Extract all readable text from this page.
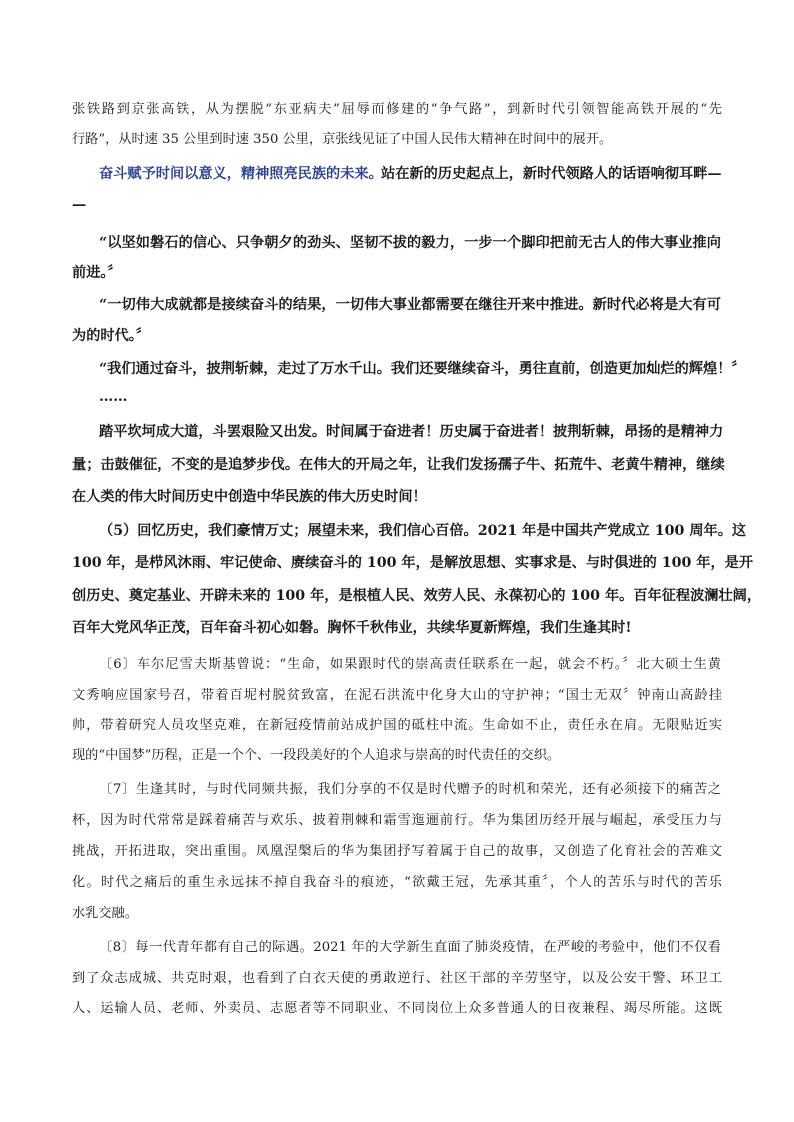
张铁路到京张高铁，从为摆脱“东亚病夫”屈辱而修建的“争气路”，到新时代引领智能高铁开展的“先
行路”，从时速 35 公里到时速 350 公里，京张线见证了中国人民伟大精神在时间中的展开。
奋斗赋予时间以意义，精神照亮民族的未来。
站在新的历史起点上，新时代领路人的话语响彻耳畔—
—
“以坚如磐石的信心、只争朝夕的劲头、坚韧不拔的毅力，一步一个脚印把前无古人的伟大事业推向
前进。〞
“一切伟大成就都是接续奋斗的结果，一切伟大事业都需要在继往开来中推进。新时代必将是大有可
为的时代。〞
“我们通过奋斗，披荆斩棘，走过了万水千山。我们还要继续奋斗，勇往直前，创造更加灿烂的辉煌！〞
……
踏平坎坷成大道，斗罢艰险又出发。时间属于奋进者！历史属于奋进者！披荆斩棘，昂扬的是精神力
量；击鼓催征，不变的是追梦步伐。在伟大的开局之年，让我们发扬孺子牛、拓荒牛、老黄牛精神，继续
在人类的伟大时间历史中创造中华民族的伟大历史时间！
（5）回忆历史，我们豪情万丈；展望未来，我们信心百倍。2021 年是中国共产党成立 100 周年。这
100 年，是栉风沐雨、牢记使命、赓续奋斗的 100 年，是解放思想、实事求是、与时俱进的 100 年，是开
创历史、奠定基业、开辟未来的 100 年，是根植人民、效劳人民、永葆初心的 100 年。百年征程波澜壮阔，
百年大党风华正茂，百年奋斗初心如磐。胸怀千秋伟业，共续华夏新辉煌，我们生逢其时!
〔6〕车尔尼雪夫斯基曾说：“生命，如果跟时代的崇高责任联系在一起，就会不朽。〞北大硕士生黄
文秀响应国家号召，带着百坭村脱贫致富，在泥石洪流中化身大山的守护神；“国士无双〞钟南山高龄挂
帅，带着研究人员攻坚克难，在新冠疫情前站成护国的砥柱中流。生命如不止，责任永在肩。无限贴近实
现的“中国梦”历程，正是一个个、一段段美好的个人追求与崇高的时代责任的交织。
〔7〕生逢其时，与时代同频共振，我们分享的不仅是时代赠予的时机和荣光，还有必须接下的痛苦之
杯，因为时代常常是踩着痛苦与欢乐、披着荆棘和霜雪迤逦前行。华为集团历经开展与崛起，承受压力与
挑战，开拓进取，突出重围。凤凰涅槃后的华为集团抒写着属于自己的故事，又创造了化育社会的苦难文
化。时代之痛后的重生永远抹不掉自我奋斗的痕迹，“欲戴王冠，先承其重〞，个人的苦乐与时代的苦乐
水乳交融。
〔8〕每一代青年都有自己的际遇。2021 年的大学新生直面了肺炎疫情，在严峻的考验中，他们不仅看
到了众志成城、共克时艰，也看到了白衣天使的勇敢逆行、社区干部的辛劳坚守，以及公安干警、环卫工
人、运输人员、老师、外卖员、志愿者等不同职业、不同岗位上众多普通人的日夜兼程、竭尽所能。这既
